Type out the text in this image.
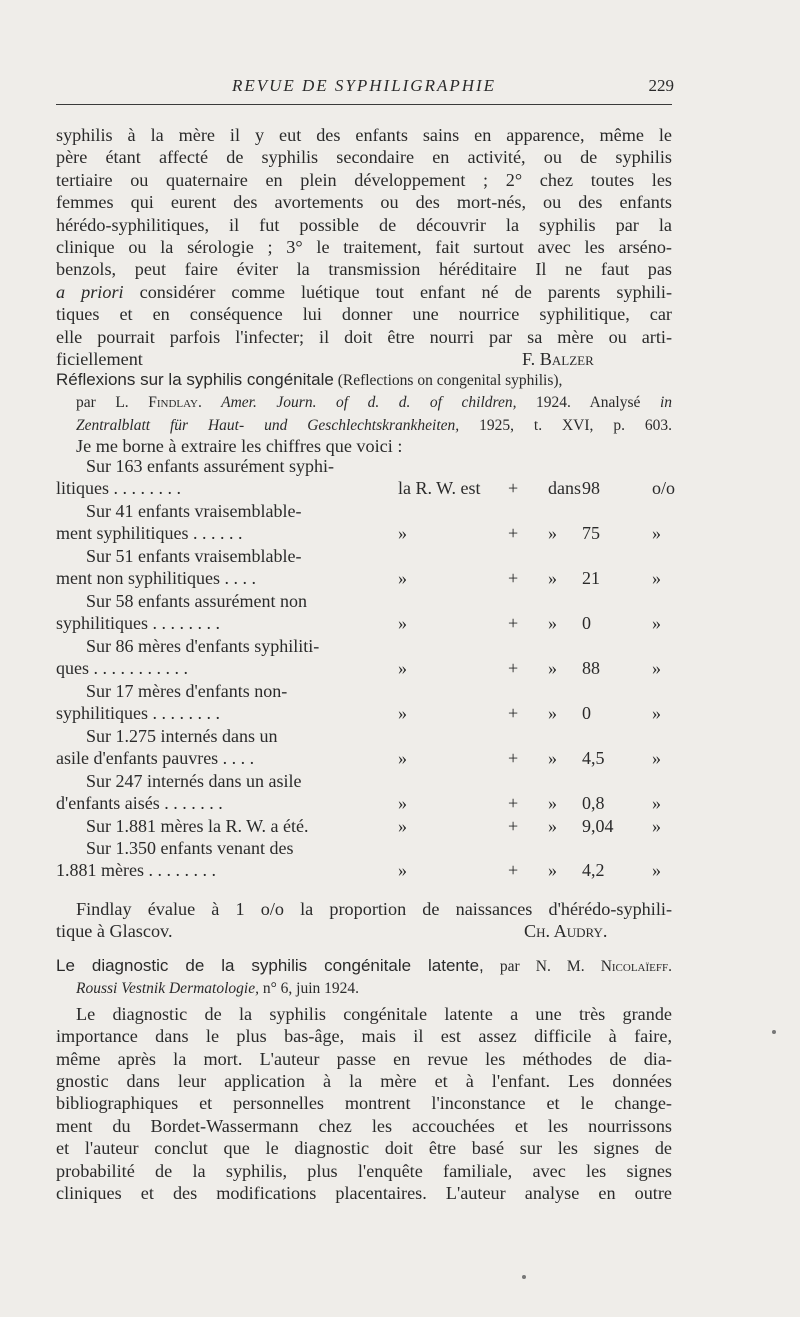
REVUE DE SYPHILIGRAPHIE	229
syphilis à la mère il y eut des enfants sains en apparence, même le
père étant affecté de syphilis secondaire en activité, ou de syphilis
tertiaire ou quaternaire en plein développement ; 2° chez toutes les
femmes qui eurent des avortements ou des mort-nés, ou des enfants
hérédo-syphilitiques, il fut possible de découvrir la syphilis par la
clinique ou la sérologie ; 3° le traitement, fait surtout avec les arséno-
benzols, peut faire éviter la transmission héréditaire Il ne faut pas
a priori considérer comme luétique tout enfant né de parents syphili-
tiques et en conséquence lui donner une nourrice syphilitique, car
elle pourrait parfois l'infecter; il doit être nourri par sa mère ou arti-
ficiellement	F. Balzer
Réflexions sur la syphilis congénitale (Reflections on congenital syphilis),
par L. Findlay. Amer. Journ. of d. d. of children, 1924. Analysé in
Zentralblatt für Haut- und Geschlechtskrankheiten, 1925, t. XVI, p. 603.
Je me borne à extraire les chiffres que voici :
Sur 163 enfants assurément syphi-
litiques . . . . . . . .	la R. W. est + dans 98	o/o
Sur 41 enfants vraisemblable-
ment syphilitiques . . . . . .	»	+ » 75	»
Sur 51 enfants vraisemblable-
ment non syphilitiques . . . .	»	+ » 21	»
Sur 58 enfants assurément non
syphilitiques . . . . . . . .	»	+ » 0	»
Sur 86 mères d'enfants syphiliti-
ques . . . . . . . . . . .	»	+ » 88	»
Sur 17 mères d'enfants non-
syphilitiques . . . . . . . .	»	+ » 0	»
Sur 1.275 internés dans un
asile d'enfants pauvres . . . .	»	+ » 4,5	»
Sur 247 internés dans un asile
d'enfants aisés . . . . . . .	»	+ » 0,8	»
Sur 1.881 mères la R. W. a été.	»	+ » 9,04 »
Sur 1.350 enfants venant des
1.881 mères . . . . . . . .	»	+ » 4,2	»
Findlay évalue à 1 o/o la proportion de naissances d'hérédo-syphili-
tique à Glascov.	Ch. Audry.
Le diagnostic de la syphilis congénitale latente, par N. M. Nicolaïeff.
Roussi Vestnik Dermatologie, n° 6, juin 1924.
Le diagnostic de la syphilis congénitale latente a une très grande
importance dans le plus bas-âge, mais il est assez difficile à faire,
même après la mort. L'auteur passe en revue les méthodes de dia-
gnostic dans leur application à la mère et à l'enfant. Les données
bibliographiques et personnelles montrent l'inconstance et le change-
ment du Bordet-Wassermann chez les accouchées et les nourrissons
et l'auteur conclut que le diagnostic doit être basé sur les signes de
probabilité de la syphilis, plus l'enquête familiale, avec les signes
cliniques et des modifications placentaires. L'auteur analyse en outre
